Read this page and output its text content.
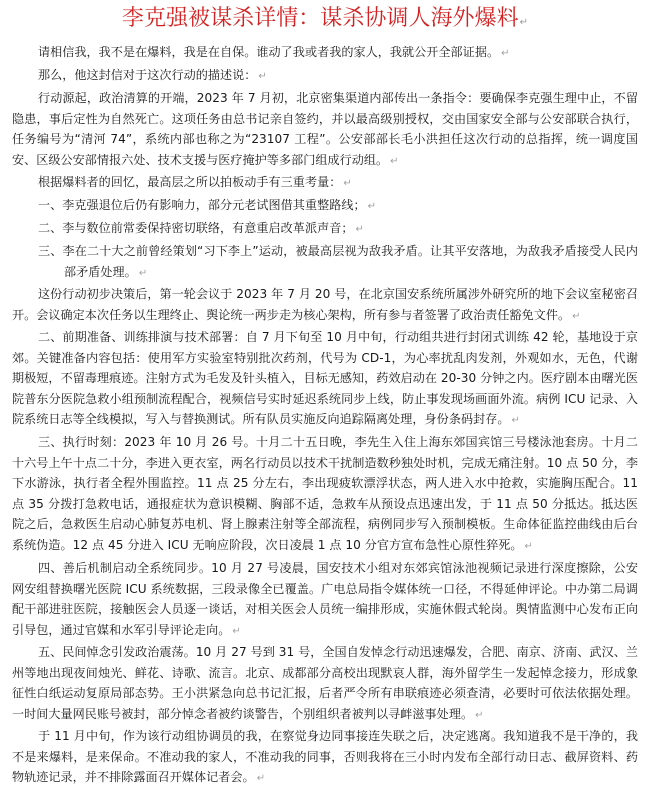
李克强被谋杀详情：谋杀协调人海外爆料↵

请相信我，我不是在爆料，我是在自保。谁动了我或者我的家人，我就公开全部证据。 ↵

那么，他这封信对于这次行动的描述说： ↵

行动源起，政治清算的开端，2023 年 7 月初，北京密集渠道内部传出一条指令：要确保李克强生理中止，不留隐患，事后定性为自然死亡。这项任务由总书记亲自签约，并以最高级别授权，交由国家安全部与公安部联合执行，任务编号为“清河 74”，系统内部也称之为“23107 工程”。公安部部长毛小洪担任这次行动的总指挥，统一调度国安、区级公安部情报六处、技术支援与医疗掩护等多部门组成行动组。 ↵

根据爆料者的回忆，最高层之所以拍板动手有三重考量： ↵

一、李克强退位后仍有影响力，部分元老试图借其重整路线； ↵

二、李与数位前常委保持密切联络，有意重启改革派声音； ↵

三、李在二十大之前曾经策划“习下李上”运动，被最高层视为敌我矛盾。让其平安落地，为敌我矛盾接受人民内部矛盾处理。 ↵

这份行动初步决策后，第一轮会议于 2023 年 7 月 20 号，在北京国安系统所属涉外研究所的地下会议室秘密召开。会议确定本次任务以生理终止、舆论统一两步走为核心架构，所有参与者签署了政治责任豁免文件。 ↵

二、前期准备、训练排演与技术部署：自 7 月下旬至 10 月中旬，行动组共进行封闭式训练 42 轮，基地设于京郊。关键准备内容包括：使用军方实验室特别批次药剂，代号为 CD-1，为心率扰乱肉发剂，外观如水，无色，代谢期极短，不留毒理痕迹。注射方式为毛发及针头植入，目标无感知，药效启动在 20-30 分钟之内。医疗剧本由曙光医院普东分医院急救小组预制流程配合，视频信号实时延迟系统同步上线，防止事发现场画面外流。病例 ICU 记录、入院系统日志等全线模拟，写入与替换测试。所有队员实施反向追踪隔离处理，身份条码封存。 ↵

三、执行时刻：2023 年 10 月 26 号。十月二十五日晚，李先生入住上海东郊国宾馆三号楼泳池套房。十月二十六号上午十点二十分，李进入更衣室，两名行动员以技术干扰制造数秒独处时机，完成无痛注射。10 点 50 分，李下水游泳，执行者全程外围监控。11 点 25 分左右，李出现疲软漂浮状态，两人进入水中抢救，实施胸压配合。11 点 35 分拨打急救电话，通报症状为意识模糊、胸部不适，急救车从预设点迅速出发，于 11 点 50 分抵达。抵达医院之后，急救医生启动心肺复苏电机、肾上腺素注射等全部流程，病例同步写入预制模板。生命体征监控曲线由后台系统伪造。12 点 45 分进入 ICU 无响应阶段，次日凌晨 1 点 10 分官方宣布急性心原性猝死。 ↵

四、善后机制启动全系统同步。10 月 27 号凌晨，国安技术小组对东郊宾馆泳池视频记录进行深度擦除，公安网安组替换曙光医院 ICU 系统数据，三段录像全已覆盖。广电总局指令媒体统一口径，不得延伸评论。中办第二局调配干部进驻医院，接触医会人员逐一谈话，对相关医会人员统一编排形成，实施休假式轮岗。舆情监测中心发布正向引导包，通过官媒和水军引导评论走向。 ↵

五、民间悼念引发政治震荡。10 月 27 号到 31 号，全国自发悼念行动迅速爆发，合肥、南京、济南、武汉、兰州等地出现夜间烛光、鲜花、诗歌、流言。北京、成都部分高校出现默哀人群，海外留学生一发起悼念接力，形成象征性白纸运动复原局部态势。王小洪紧急向总书记汇报，后者严令所有串联痕迹必须查清，必要时可依法依据处理。一时间大量网民账号被封，部分悼念者被约谈警告，个别组织者被判以寻衅滋事处理。 ↵

于 11 月中旬，作为该行动组协调员的我，在察觉身边同事接连失联之后，决定逃离。我知道我不是干净的，我不是来爆料，是来保命。不准动我的家人，不准动我的同事，否则我将在三小时内发布全部行动日志、截屏资料、药物轨迹记录，并不排除露面召开媒体记者会。 ↵
